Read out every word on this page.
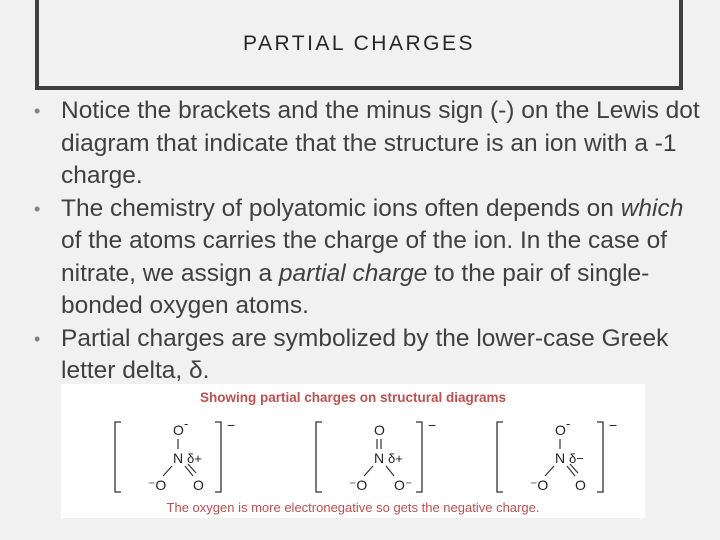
PARTIAL CHARGES
• Notice the brackets and the minus sign (-) on the Lewis dot diagram that indicate that the structure is an ion with a -1 charge.
• The chemistry of polyatomic ions often depends on which of the atoms carries the charge of the ion. In the case of nitrate, we assign a partial charge to the pair of single-bonded oxygen atoms.
• Partial charges are symbolized by the lower-case Greek letter delta, δ.
Showing partial charges on structural diagrams
−
O -
N δ+
⁻O O
−
O
N δ+
⁻O O⁻
−
O -
N δ−
⁻O O
The oxygen is more electronegative so gets the negative charge.
